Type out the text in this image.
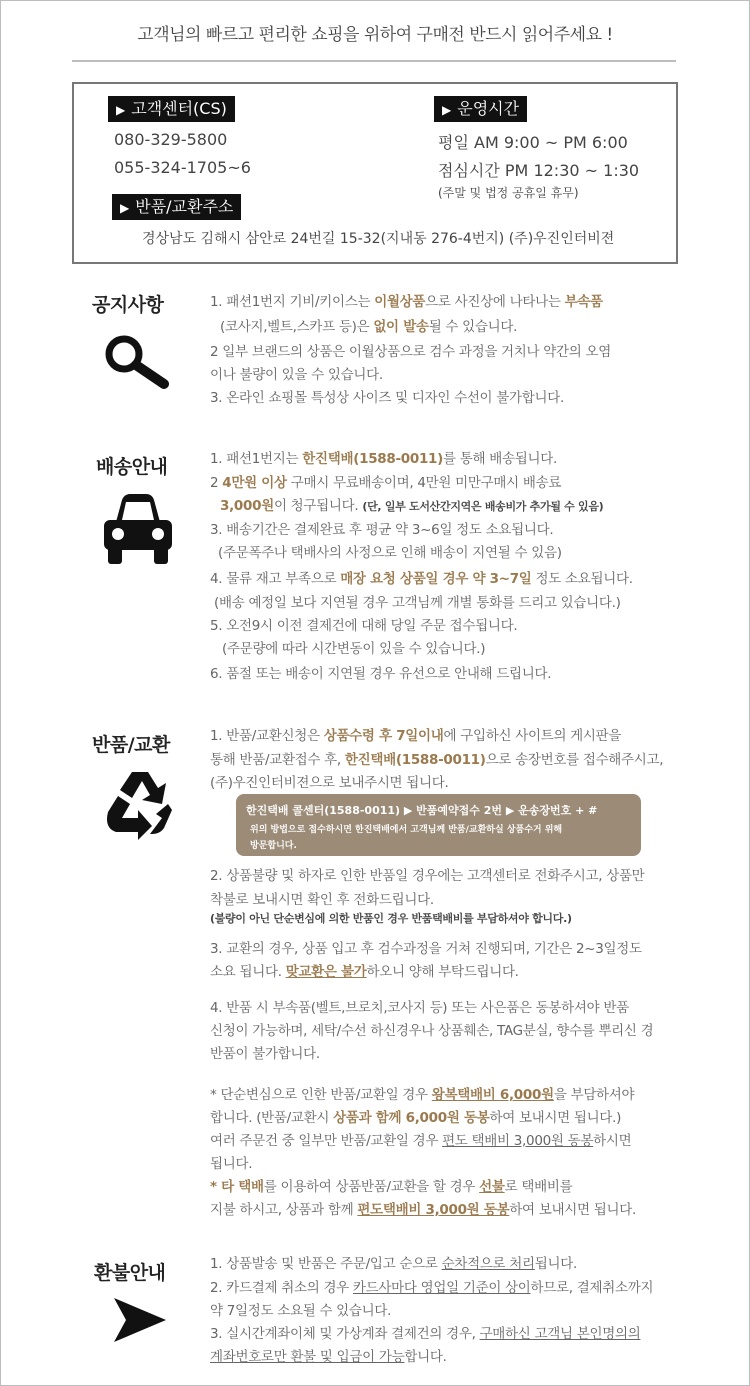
고객님의 빠르고 편리한 쇼핑을 위하여 구매전 반드시 읽어주세요 !
▶ 고객센터(CS)
080-329-5800
055-324-1705~6
▶ 운영시간
평일 AM 9:00 ~ PM 6:00
점심시간 PM 12:30 ~ 1:30
(주말 및 법정 공휴일 휴무)
▶ 반품/교환주소
경상남도 김해시 삼안로 24번길 15-32(지내동 276-4번지) (주)우진인터비젼
공지사항	1. 패션1번지 기비/키이스는 이월상품으로 사진상에 나타나는 부속품
(코사지,벨트,스카프 등)은 없이 발송될 수 있습니다.
2 일부 브랜드의 상품은 이월상품으로 검수 과정을 거치나 약간의 오염
이나 불량이 있을 수 있습니다.
3. 온라인 쇼핑몰 특성상 사이즈 및 디자인 수선이 불가합니다.
배송안내	1. 패션1번지는 한진택배(1588-0011)를 통해 배송됩니다.
2 4만원 이상 구매시 무료배송이며, 4만원 미만구매시 배송료
3,000원이 청구됩니다. (단, 일부 도서산간지역은 배송비가 추가될 수 있음)
3. 배송기간은 결제완료 후 평균 약 3~6일 정도 소요됩니다.
(주문폭주나 택배사의 사정으로 인해 배송이 지연될 수 있음)
4. 물류 재고 부족으로 매장 요청 상품일 경우 약 3~7일 정도 소요됩니다.
(배송 예정일 보다 지연될 경우 고객님께 개별 통화를 드리고 있습니다.)
5. 오전9시 이전 결제건에 대해 당일 주문 접수됩니다.
(주문량에 따라 시간변동이 있을 수 있습니다.)
6. 품절 또는 배송이 지연될 경우 유선으로 안내해 드립니다.
반품/교환	1. 반품/교환신청은 상품수령 후 7일이내에 구입하신 사이트의 게시판을
통해 반품/교환접수 후, 한진택배(1588-0011)으로 송장번호를 접수해주시고,
(주)우진인터비젼으로 보내주시면 됩니다.
한진택배 콜센터(1588-0011) ▶ 반품예약접수 2번 ▶ 운송장번호 + #
위의 방법으로 접수하시면 한진택배에서 고객님께 반품/교환하실 상품수거 위해
방문합니다.
2. 상품불량 및 하자로 인한 반품일 경우에는 고객센터로 전화주시고, 상품만
착불로 보내시면 확인 후 전화드립니다.
(불량이 아닌 단순변심에 의한 반품인 경우 반품택배비를 부담하셔야 합니다.)
3. 교환의 경우, 상품 입고 후 검수과정을 거쳐 진행되며, 기간은 2~3일정도
소요 됩니다. 맞교환은 불가하오니 양해 부탁드립니다.
4. 반품 시 부속품(벨트,브로치,코사지 등) 또는 사은품은 동봉하셔야 반품
신청이 가능하며, 세탁/수선 하신경우나 상품훼손, TAG분실, 향수를 뿌리신 경
반품이 불가합니다.
* 단순변심으로 인한 반품/교환일 경우 왕복택배비 6,000원을 부담하셔야
합니다. (반품/교환시 상품과 함께 6,000원 동봉하여 보내시면 됩니다.)
여러 주문건 중 일부만 반품/교환일 경우 편도 택배비 3,000원 동봉하시면
됩니다.
* 타 택배를 이용하여 상품반품/교환을 할 경우 선불로 택배비를
지불 하시고, 상품과 함께 편도택배비 3,000원 동봉하여 보내시면 됩니다.
환불안내	1. 상품발송 및 반품은 주문/입고 순으로 순차적으로 처리됩니다.
2. 카드결제 취소의 경우 카드사마다 영업일 기준이 상이하므로, 결제취소까지
약 7일정도 소요될 수 있습니다.
3. 실시간계좌이체 및 가상계좌 결제건의 경우, 구매하신 고객님 본인명의의
계좌번호로만 환불 및 입금이 가능합니다.
